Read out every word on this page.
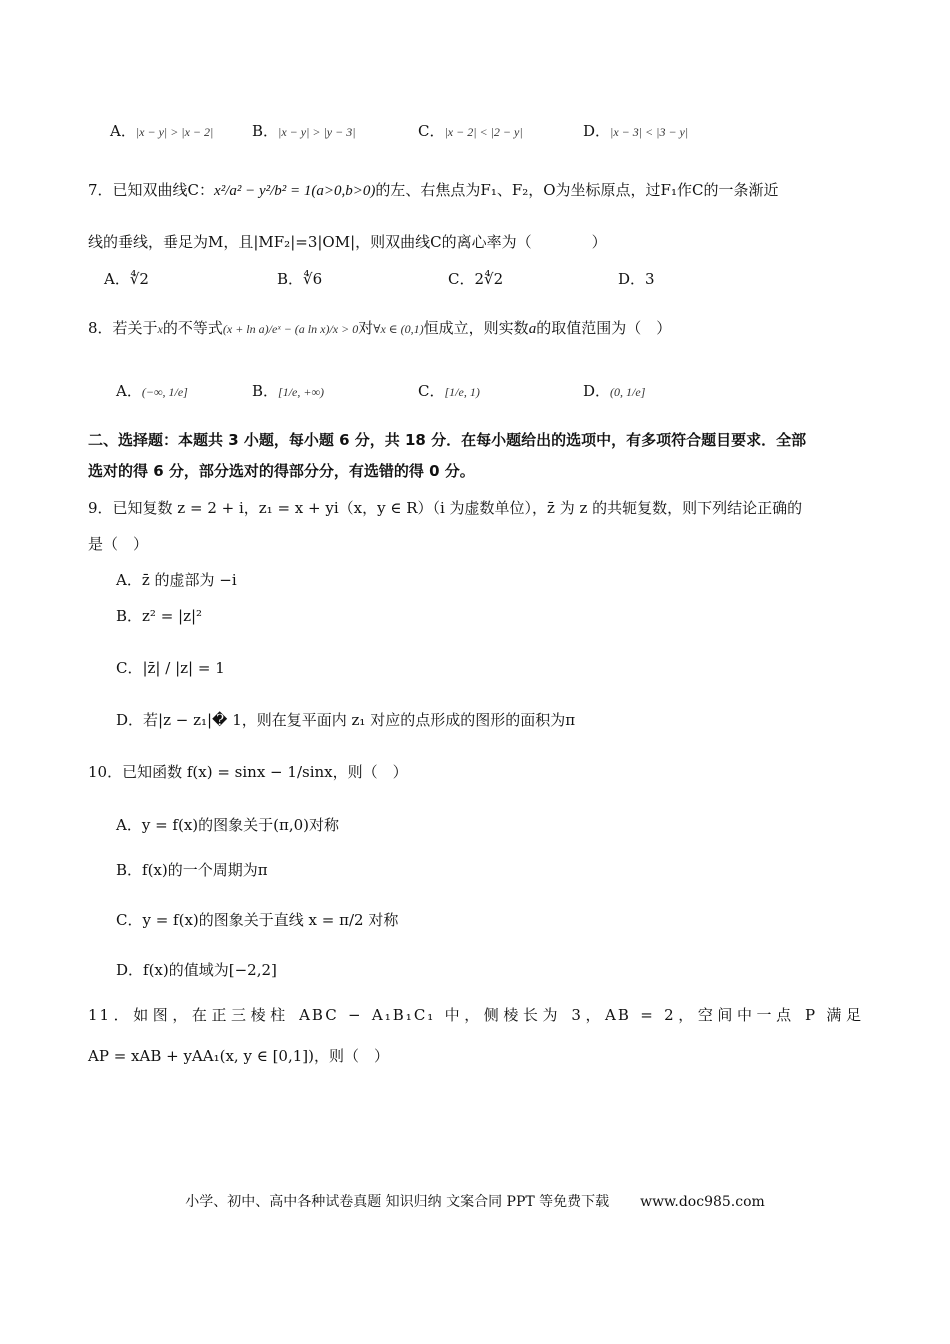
A．|x − y| > |x − 2|	B．|x − y| > |y − 3|	C．|x − 2| < |2 − y|	D．|x − 3| < |3 − y|
7．已知双曲线C：x²/a² − y²/b² = 1(a>0,b>0)的左、右焦点为F₁、F₂，O为坐标原点，过F₁作C的一条渐近
线的垂线，垂足为M，且|MF₂|=3|OM|，则双曲线C的离心率为（　　　　）
A．∜2	B．∜6	C．2∜2	D．3
8．若关于x的不等式(x + ln a)/eˣ − (a ln x)/x > 0对∀x ∈ (0,1)恒成立，则实数a的取值范围为（　）
A．(−∞, 1/e]	B．[1/e, +∞)	C．[1/e, 1)	D．(0, 1/e]
二、选择题：本题共 3 小题，每小题 6 分，共 18 分．在每小题给出的选项中，有多项符合题目要求．全部
选对的得 6 分，部分选对的得部分分，有选错的得 0 分。
9．已知复数 z = 2 + i，z₁ = x + yi（x，y ∈ R）（i 为虚数单位），z̄ 为 z 的共轭复数，则下列结论正确的
是（　）
A．z̄ 的虚部为 −i
B．z² = |z|²
C．|z̄| / |z| = 1
D．若|z − z₁|� 1，则在复平面内 z₁ 对应的点形成的图形的面积为π
10．已知函数 f(x) = sinx − 1/sinx，则（　）
A．y = f(x)的图象关于(π,0)对称
B．f(x)的一个周期为π
C．y = f(x)的图象关于直线 x = π/2 对称
D．f(x)的值域为[−2,2]
11．如图，在正三棱柱 ABC − A₁B₁C₁ 中，侧棱长为 3，AB = 2，空间中一点 P 满足
AP = xAB + yAA₁(x, y ∈ [0,1])，则（　）
小学、初中、高中各种试卷真题 知识归纳 文案合同 PPT 等免费下载 www.doc985.com
